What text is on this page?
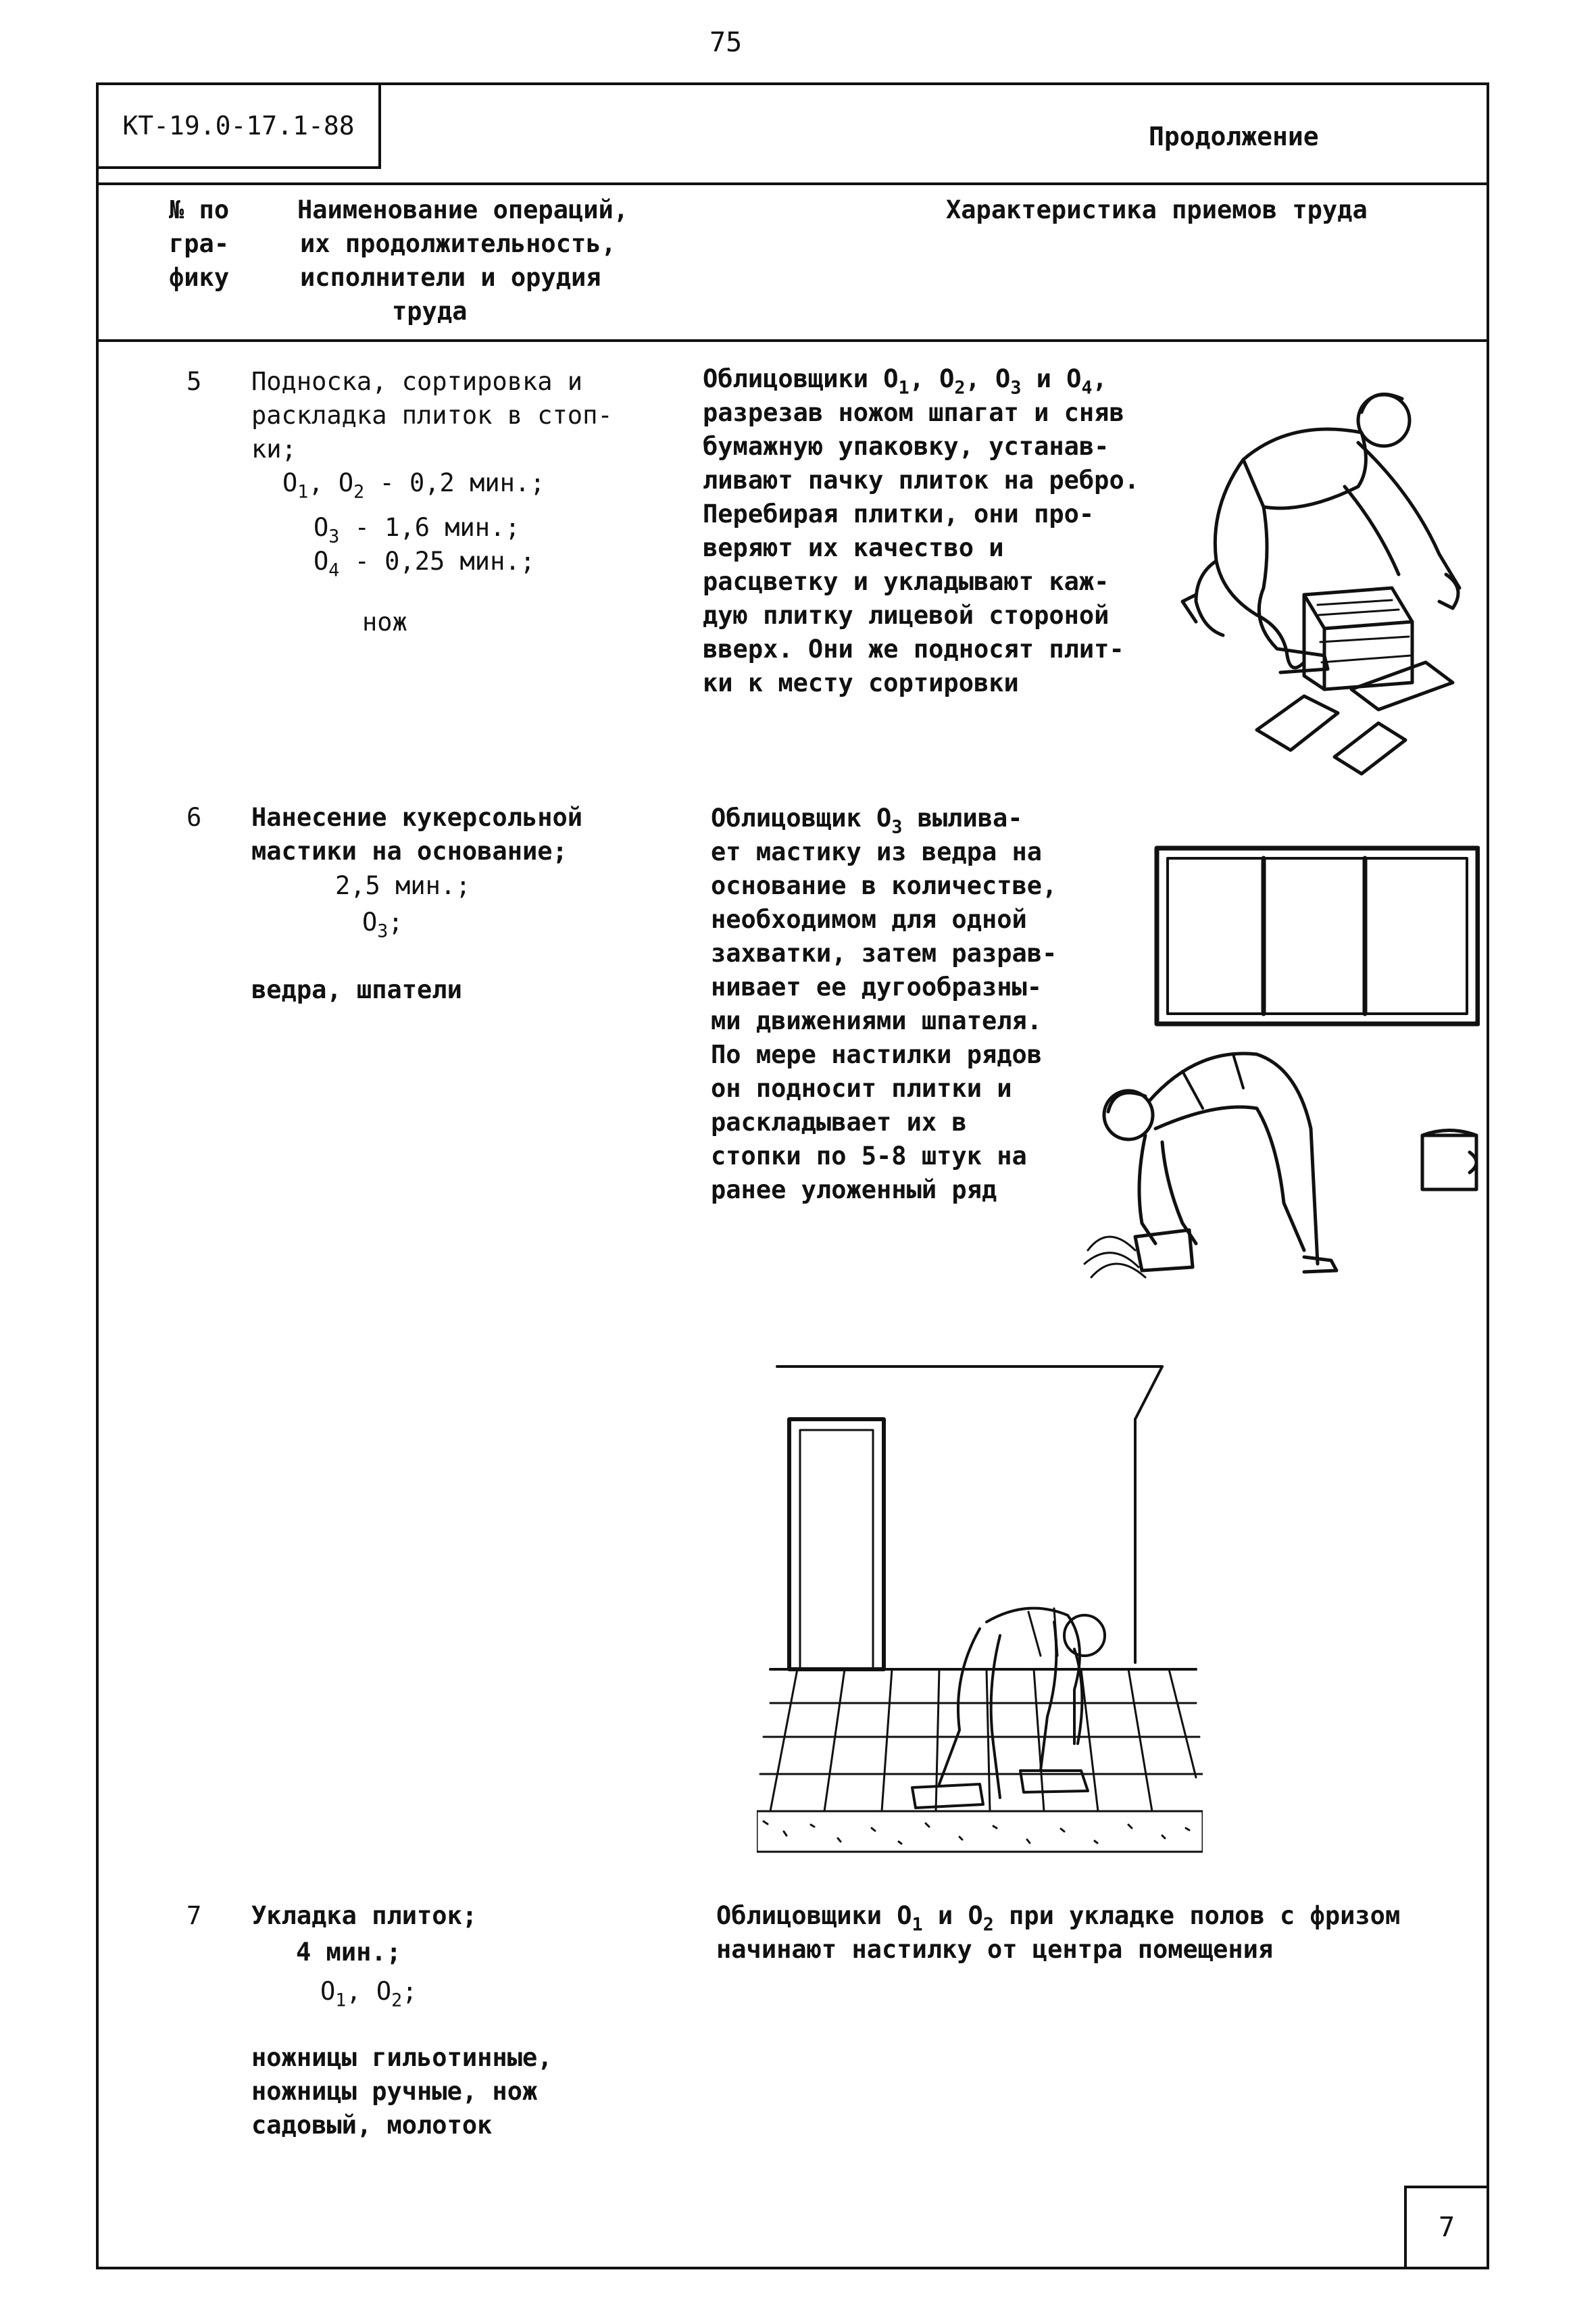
75
КТ-19.0-17.1-88	Продолжение
№ по
гра-
фику
Наименование операций,
их продолжительность,
исполнители и орудия
труда
Характеристика приемов труда
5 Подноска, сортировка и
раскладка плиток в стоп-
ки;
$O_1$, $O_2 - 0,2$ мин.;
$O_3 - 1,6$ мин.;
$O_4 - 0,25$ мин.;
нож
Облицовщики $O_1$, $O_2$, $O_3$ и $O_4$,
разрезав ножом шпагат и сняв
бумажную упаковку, устанав-
ливают пачку плиток на ребро.
Перебирая плитки, они про-
веряют их качество и
расцветку и укладывают каж-
дую плитку лицевой стороной
вверх. Они же подносят плит-
ки к месту сортировки
6 Нанесение кукерсольной
мастики на основание;
2,5 мин.;
$O_3$;
ведра, шпатели
Облицовщик $O_3$ вылива-
ет мастику из ведра на
основание в количестве,
необходимом для одной
захватки, затем разрав-
нивает ее дугообразны-
ми движениями шпателя.
По мере настилки рядов
он подносит плитки и
раскладывает их в
стопки по 5-8 штук на
ранее уложенный ряд
7 Укладка плиток;
4 мин.;
$O_1$, $O_2$;
ножницы гильотинные,
ножницы ручные, нож
садовый, молоток
Облицовщики $O_1$ и $O_2$ при укладке полов с фризом
начинают настилку от центра помещения
7
